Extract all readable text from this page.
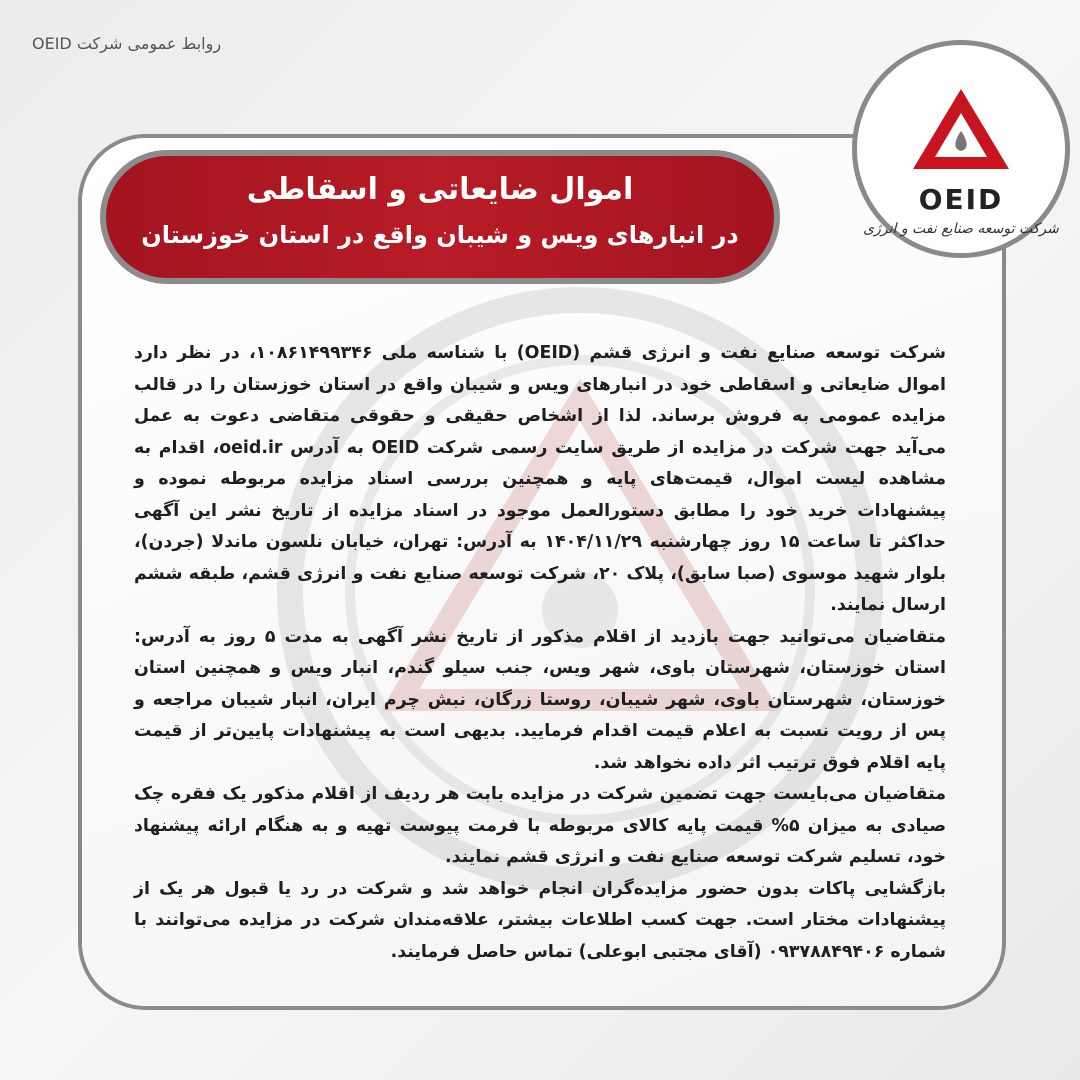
روابط عمومی شرکت OEID
اموال ضایعاتی و اسقاطی
در انبارهای ویس و شیبان واقع در استان خوزستان
OEID
شرکت توسعه صنایع نفت و انرژی

شرکت توسعه صنایع نفت و انرژی قشم (OEID) با شناسه ملی ۱۰۸۶۱۴۹۹۳۴۶، در نظر دارد اموال ضایعاتی و اسقاطی خود در انبارهای ویس و شیبان واقع در استان خوزستان را در قالب مزایده عمومی به فروش برساند. لذا از اشخاص حقیقی و حقوقی متقاضی دعوت به عمل می‌آید جهت شرکت در مزایده از طریق سایت رسمی شرکت OEID به آدرس oeid.ir، اقدام به مشاهده لیست اموال، قیمت‌های پایه و همچنین بررسی اسناد مزایده مربوطه نموده و پیشنهادات خرید خود را مطابق دستورالعمل موجود در اسناد مزایده از تاریخ نشر این آگهی حداکثر تا ساعت ۱۵ روز چهارشنبه ۱۴۰۴/۱۱/۲۹ به آدرس: تهران، خیابان نلسون ماندلا (جردن)، بلوار شهید موسوی (صبا سابق)، پلاک ۲۰، شرکت توسعه صنایع نفت و انرژی قشم، طبقه ششم ارسال نمایند.

متقاضیان می‌توانید جهت بازدید از اقلام مذکور از تاریخ نشر آگهی به مدت ۵ روز به آدرس: استان خوزستان، شهرستان باوی، شهر ویس، جنب سیلو گندم، انبار ویس و همچنین استان خوزستان، شهرستان باوی، شهر شیبان، روستا زرگان، نبش چرم ایران، انبار شیبان مراجعه و پس از رویت نسبت به اعلام قیمت اقدام فرمایید. بدیهی است به پیشنهادات پایین‌تر از قیمت پایه اقلام فوق ترتیب اثر داده نخواهد شد.

متقاضیان می‌بایست جهت تضمین شرکت در مزایده بابت هر ردیف از اقلام مذکور یک فقره چک صیادی به میزان ۵% قیمت پایه کالای مربوطه با فرمت پیوست تهیه و به هنگام ارائه پیشنهاد خود، تسلیم شرکت توسعه صنایع نفت و انرژی قشم نمایند.

بازگشایی پاکات بدون حضور مزایده‌گران انجام خواهد شد و شرکت در رد یا قبول هر یک از پیشنهادات مختار است. جهت کسب اطلاعات بیشتر، علاقه‌مندان شرکت در مزایده می‌توانند با شماره ۰۹۳۷۸۸۴۹۴۰۶ (آقای مجتبی ابوعلی) تماس حاصل فرمایند.
